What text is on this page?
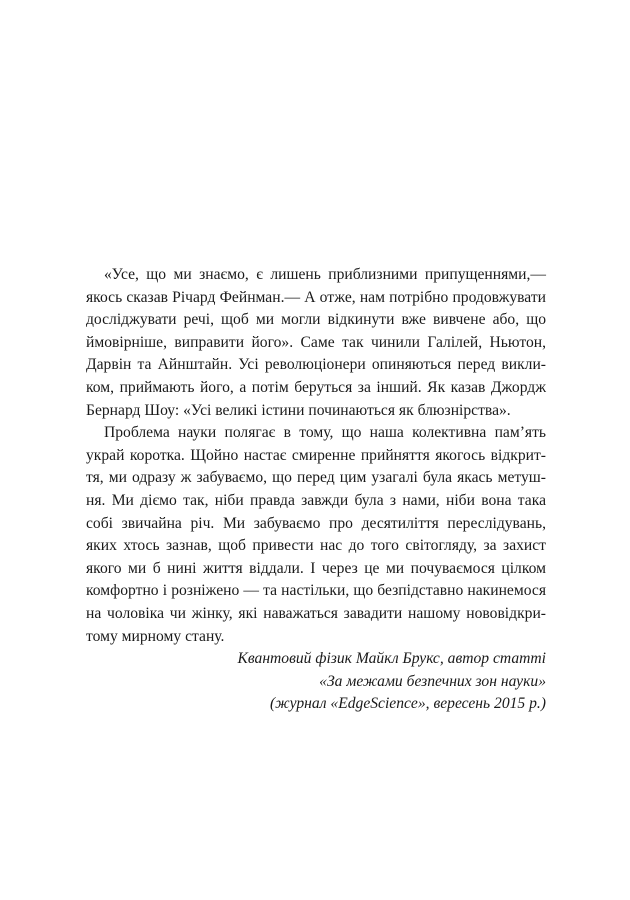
«Усе, що ми знаємо, є лишень приблизними припущеннями,— якось сказав Річард Фейнман.— А отже, нам потрібно продовжувати досліджувати речі, щоб ми могли відкинути вже вивчене або, що ймовірніше, виправити його». Саме так чинили Галілей, Ньютон, Дарвін та Айнштайн. Усі революціонери опиняються перед викликом, приймають його, а потім беруться за інший. Як казав Джордж Бернард Шоу: «Усі великі істини починаються як блюзнірства».

Проблема науки полягає в тому, що наша колективна пам’ять украй коротка. Щойно настає смиренне прийняття якогось відкриття, ми одразу ж забуваємо, що перед цим узагалі була якась метушня. Ми діємо так, ніби правда завжди була з нами, ніби вона така собі звичайна річ. Ми забуваємо про десятиліття переслідувань, яких хтось зазнав, щоб привести нас до того світогляду, за захист якого ми б нині життя віддали. І через це ми почуваємося цілком комфортно і розніжено — та настільки, що безпідставно накинемося на чоловіка чи жінку, які наважаться завадити нашому нововідкритому мирному стану.

Квантовий фізик Майкл Брукс, автор статті
«За межами безпечних зон науки»
(журнал «EdgeScience», вересень 2015 р.)
